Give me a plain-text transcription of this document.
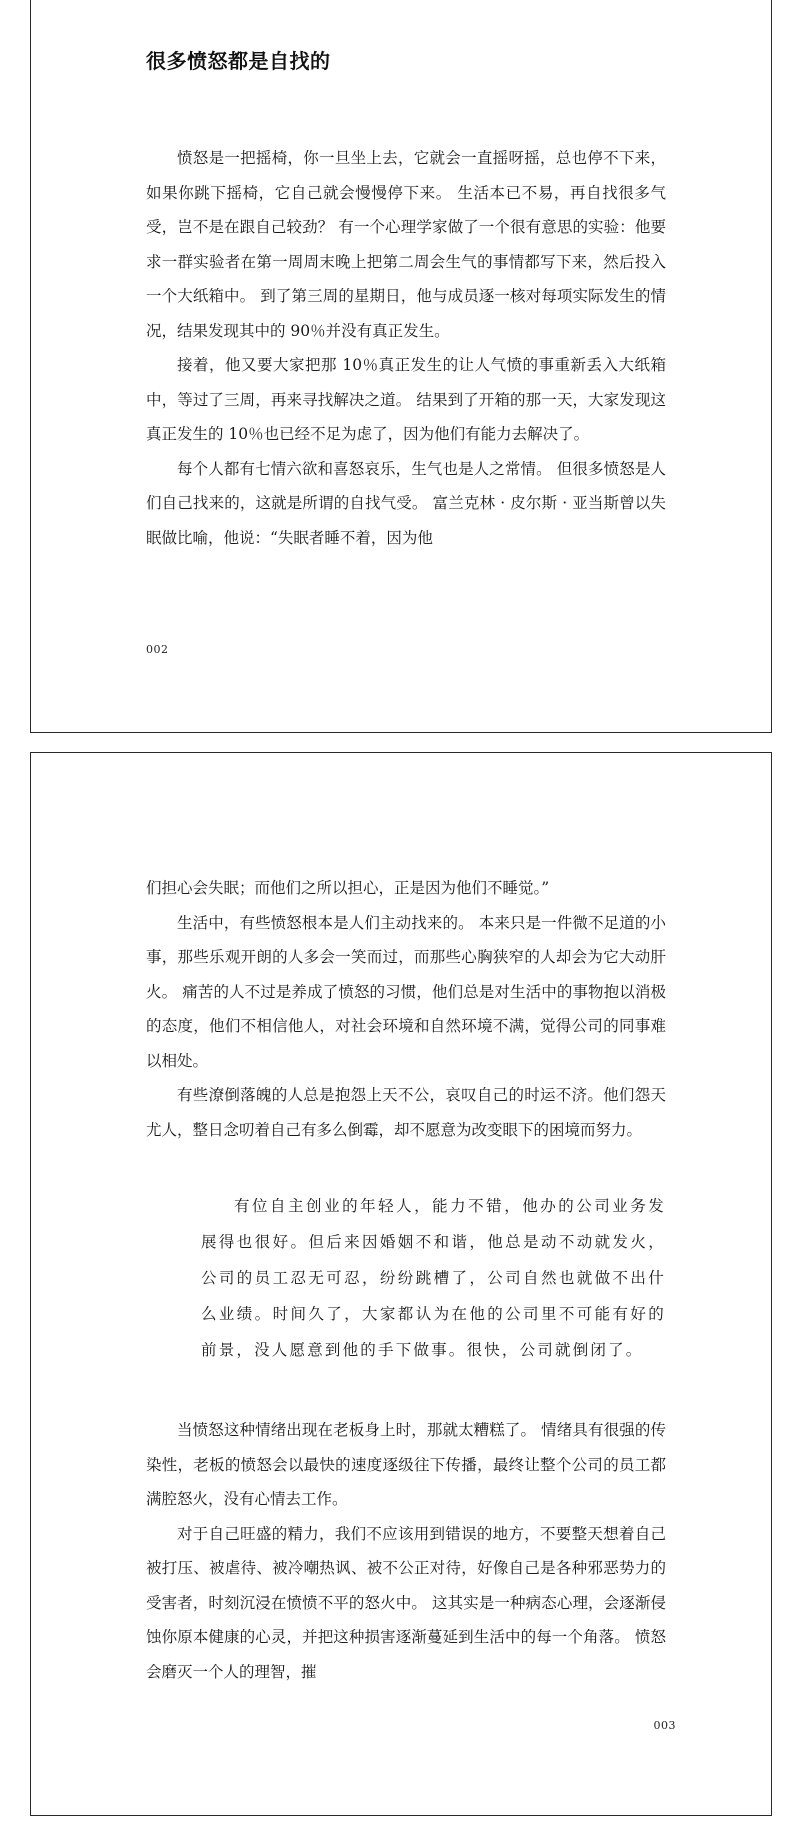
很多愤怒都是自找的

愤怒是一把摇椅，你一旦坐上去，它就会一直摇呀摇，总也停不下来，如果你跳下摇椅，它自己就会慢慢停下来。 生活本已不易，再自找很多气受，岂不是在跟自己较劲？ 有一个心理学家做了一个很有意思的实验：他要求一群实验者在第一周周末晚上把第二周会生气的事情都写下来，然后投入一个大纸箱中。 到了第三周的星期日，他与成员逐一核对每项实际发生的情况，结果发现其中的 90％并没有真正发生。

接着，他又要大家把那 10％真正发生的让人气愤的事重新丢入大纸箱中，等过了三周，再来寻找解决之道。 结果到了开箱的那一天，大家发现这真正发生的 10％也已经不足为虑了，因为他们有能力去解决了。

每个人都有七情六欲和喜怒哀乐，生气也是人之常情。 但很多愤怒是人们自己找来的，这就是所谓的自找气受。 富兰克林 · 皮尔斯 · 亚当斯曾以失眠做比喻，他说：“失眠者睡不着，因为他

002

们担心会失眠；而他们之所以担心，正是因为他们不睡觉。”

生活中，有些愤怒根本是人们主动找来的。 本来只是一件微不足道的小事，那些乐观开朗的人多会一笑而过，而那些心胸狭窄的人却会为它大动肝火。 痛苦的人不过是养成了愤怒的习惯，他们总是对生活中的事物抱以消极的态度，他们不相信他人，对社会环境和自然环境不满，觉得公司的同事难以相处。

有些潦倒落魄的人总是抱怨上天不公，哀叹自己的时运不济。他们怨天尤人，整日念叨着自己有多么倒霉，却不愿意为改变眼下的困境而努力。

有位自主创业的年轻人，能力不错，他办的公司业务发展得也很好。但后来因婚姻不和谐，他总是动不动就发火，公司的员工忍无可忍，纷纷跳槽了，公司自然也就做不出什么业绩。时间久了，大家都认为在他的公司里不可能有好的前景，没人愿意到他的手下做事。很快，公司就倒闭了。

当愤怒这种情绪出现在老板身上时，那就太糟糕了。 情绪具有很强的传染性，老板的愤怒会以最快的速度逐级往下传播，最终让整个公司的员工都满腔怒火，没有心情去工作。

对于自己旺盛的精力，我们不应该用到错误的地方，不要整天想着自己被打压、被虐待、被冷嘲热讽、被不公正对待，好像自己是各种邪恶势力的受害者，时刻沉浸在愤愤不平的怒火中。 这其实是一种病态心理，会逐渐侵蚀你原本健康的心灵，并把这种损害逐渐蔓延到生活中的每一个角落。 愤怒会磨灭一个人的理智，摧

003
